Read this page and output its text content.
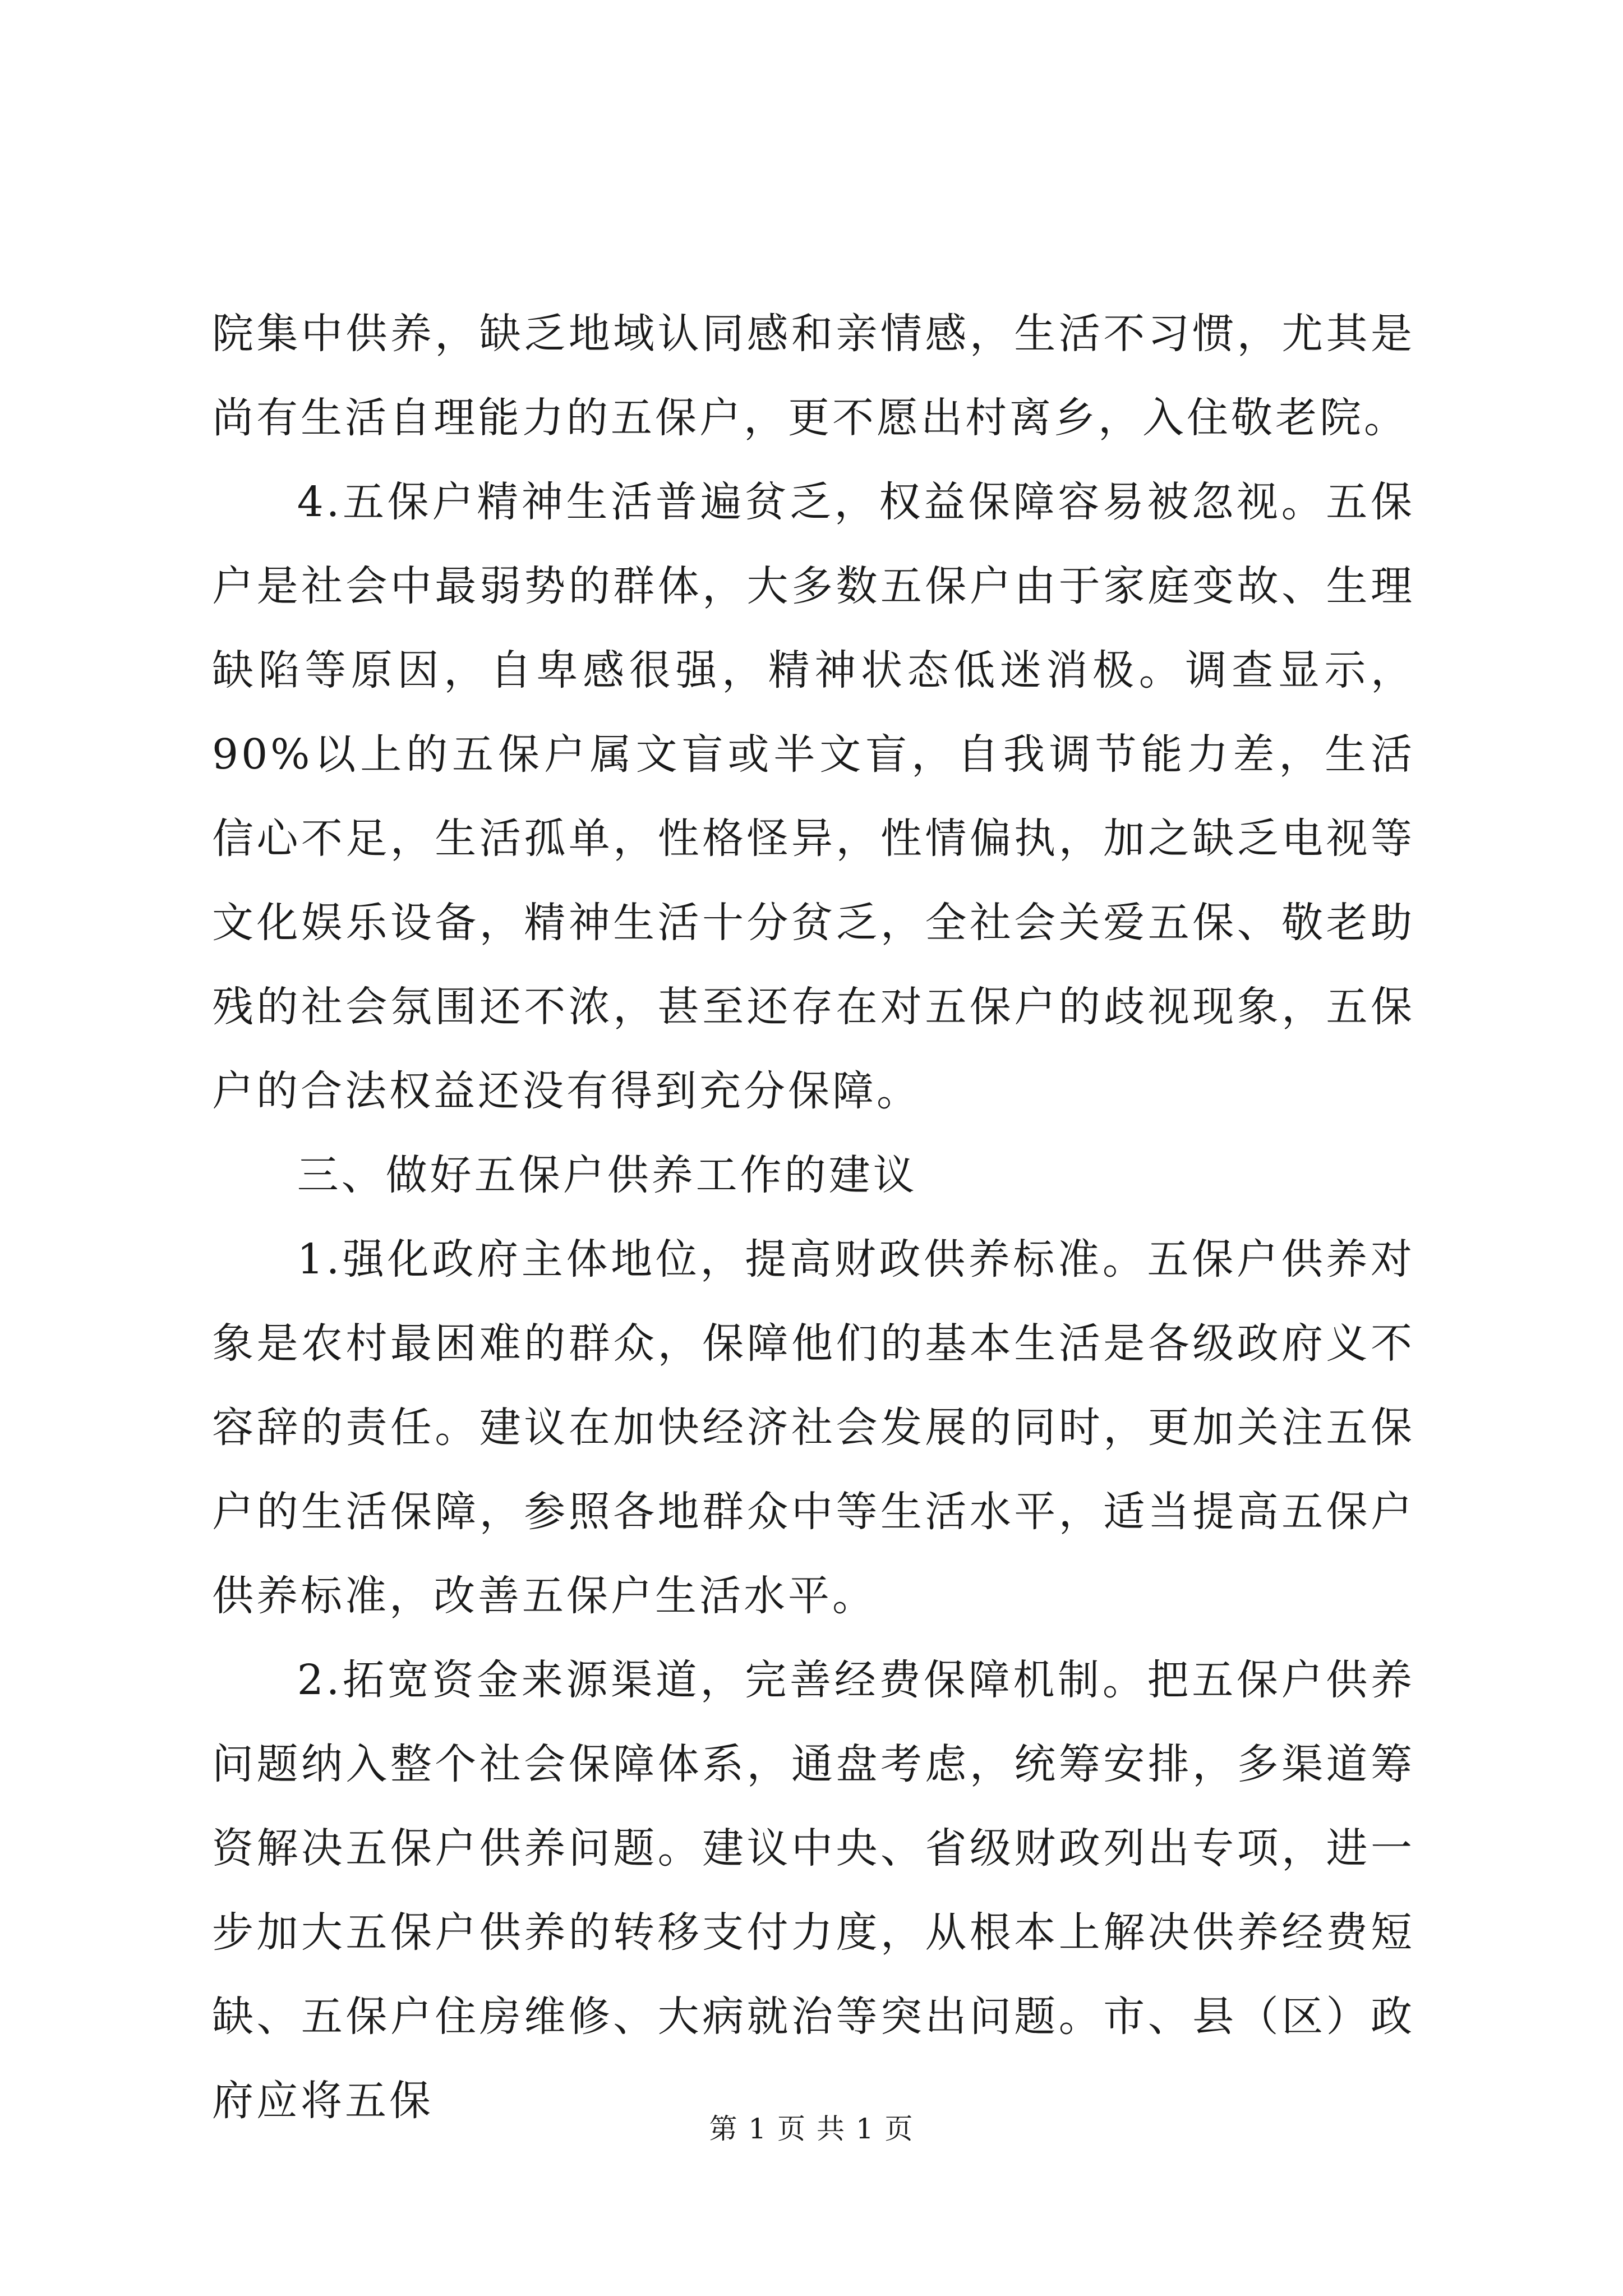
院集中供养，缺乏地域认同感和亲情感，生活不习惯，尤其是尚有生活自理能力的五保户，更不愿出村离乡，入住敬老院。

4.五保户精神生活普遍贫乏，权益保障容易被忽视。五保户是社会中最弱势的群体，大多数五保户由于家庭变故、生理缺陷等原因，自卑感很强，精神状态低迷消极。调查显示，90%以上的五保户属文盲或半文盲，自我调节能力差，生活信心不足，生活孤单，性格怪异，性情偏执，加之缺乏电视等文化娱乐设备，精神生活十分贫乏，全社会关爱五保、敬老助残的社会氛围还不浓，甚至还存在对五保户的歧视现象，五保户的合法权益还没有得到充分保障。

三、做好五保户供养工作的建议

1.强化政府主体地位，提高财政供养标准。五保户供养对象是农村最困难的群众，保障他们的基本生活是各级政府义不容辞的责任。建议在加快经济社会发展的同时，更加关注五保户的生活保障，参照各地群众中等生活水平，适当提高五保户供养标准，改善五保户生活水平。

2.拓宽资金来源渠道，完善经费保障机制。把五保户供养问题纳入整个社会保障体系，通盘考虑，统筹安排，多渠道筹资解决五保户供养问题。建议中央、省级财政列出专项，进一步加大五保户供养的转移支付力度，从根本上解决供养经费短缺、五保户住房维修、大病就治等突出问题。市、县（区）政府应将五保

第 1 页 共 1 页
